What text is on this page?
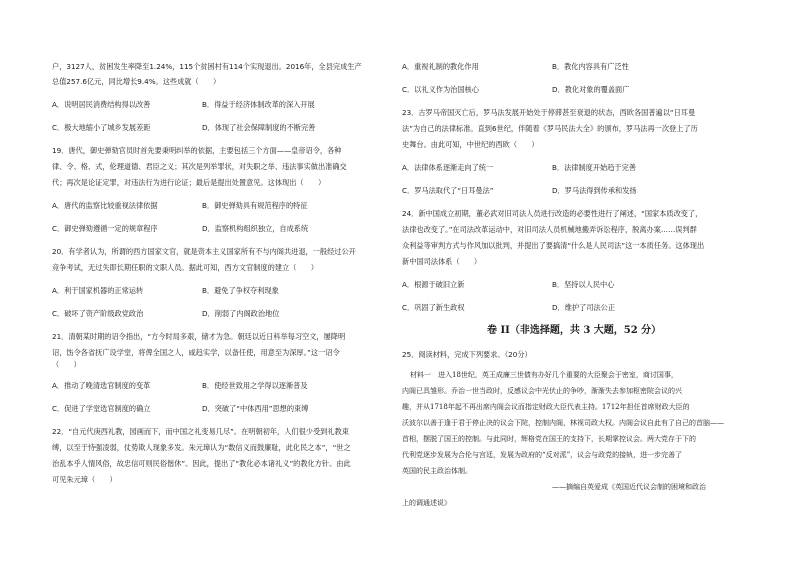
户，3127人，贫困发生率降至1.24%，115个贫困村有114个实现退出。2016年，全县完成生产
总值257.6亿元，同比增长9.4%。这些成就（　　）
A．说明居民消费结构得以改善	B．得益于经济体制改革的深入开展
C．极大地缩小了城乡发展差距	D．体现了社会保障制度的不断完善
19．唐代，御史弹劾官员时首先要秉明纠举的依据，主要包括三个方面——皇帝诏令，各种
律、令、格、式，伦理道德、君臣之义；其次是列举罪状，对失职之举、违法事实做出准确交
代；再次是论证定罪，对违法行为进行论证；最后是提出处置意见。这体现出（　　）
A．唐代的监察比较重视法律依据	B．御史弹劾具有规范程序的特征
C．御史弹劾遵循一定的规章程序	D．监察机构组织独立，自成系统
20．有学者认为，所谓的西方国家文官，就是资本主义国家所有不与内阁共进退，一般经过公开
竞争考试，无过失即长期任职的文职人员。据此可知，西方文官制度的建立（　　）
A．利于国家机器的正常运转	B．避免了争权夺利现象
C．破坏了资产阶级政党政治	D．削弱了内阁政治地位
21．清朝某时期的诏令指出，“方今时局多艰，储才为急。朝廷以近日科举每习空文，屡降明
诏，饬令各省抚广设学堂，将俾全国之人，咸趋实学，以备任使，用意至为深厚。”这一诏令
（　　）
A．推动了晚清选官制度的变革	B．使经世致用之学得以逐渐普及
C．促进了学堂选官制度的确立	D．突破了“中体西用”思想的束缚
22．“自元代庚西礼教，园画而下，而中国之礼变易几尽”。在明朝初年，人们很少受到礼教束
缚，以至于恃强凌弱，仗势欺人现象多发。朱元璋认为“数信义而鼓廉耻，此化民之本”，“世之
治乱本乎人情风俗，故忠信可则民俗偕休”。因此，提出了“教化必本诸礼义”的教化方针。由此
可见朱元璋（　　）
A．重视礼制的教化作用	B．教化内容具有广泛性
C．以礼义作为治国核心	D．教化对象的覆盖面广
23．古罗马帝国灭亡后，罗马法发展开始处于停滞甚至衰退的状态，西欧各国普遍以“日耳曼
法”为自己的法律标准。直到6世纪，伴随着《罗马民法大全》的颁布，罗马法再一次登上了历
史舞台。由此可知，中世纪的西欧（　　）
A．法律体系逐渐走向了统一	B．法律制度开始趋于完善
C．罗马法取代了“日耳曼法”	D．罗马法得到传承和发扬
24．新中国成立初期，董必武对旧司法人员进行改造的必要性进行了阐述，“国家本质改变了，
法律也改变了。”在司法改革运动中，对旧司法人员机械地搬弄诉讼程序，脱离办案……误判群
众利益等审判方式与作风加以批判，并提出了要搞清“什么是人民司法”这一本质任务。这体现出
新中国司法体系（　　）
A．根源于破旧立新	B．坚持以人民中心
C．巩固了新生政权	D．维护了司法公正
卷 II（非选择题，共 3 大题，52 分）
25．阅读材料，完成下列要求。（20分）
材料一　进入18世纪，英王成廉三世债有办好几个重要的大臣聚会于密室，商讨国事，
内阁已具雏形。乔治一世当政时，反感议会中光伏止的争吵，渐渐失去参加枢密院会议的兴
趣，并从1718年起不再出席内阁会议而指定财政大臣代表主持。1712年担任首席财政大臣的
沃波尔以善于逢于君于停止决的议会下院，控制内阁，林视司政大权。内阁会议自此有了自己的首脑——
首相，摆脱了国王的控制。与此同时，辉格党在国王的支持下，长期掌控议会。两大党存于下的
代利党逐步发展为合伦与宫廷，发展为政府的“反对派”，议会与政党的接轨，进一步完善了
英国的民主政治体制。
——摘编自英爱成《英国近代议会制的困境和政治
上的调通述说》
